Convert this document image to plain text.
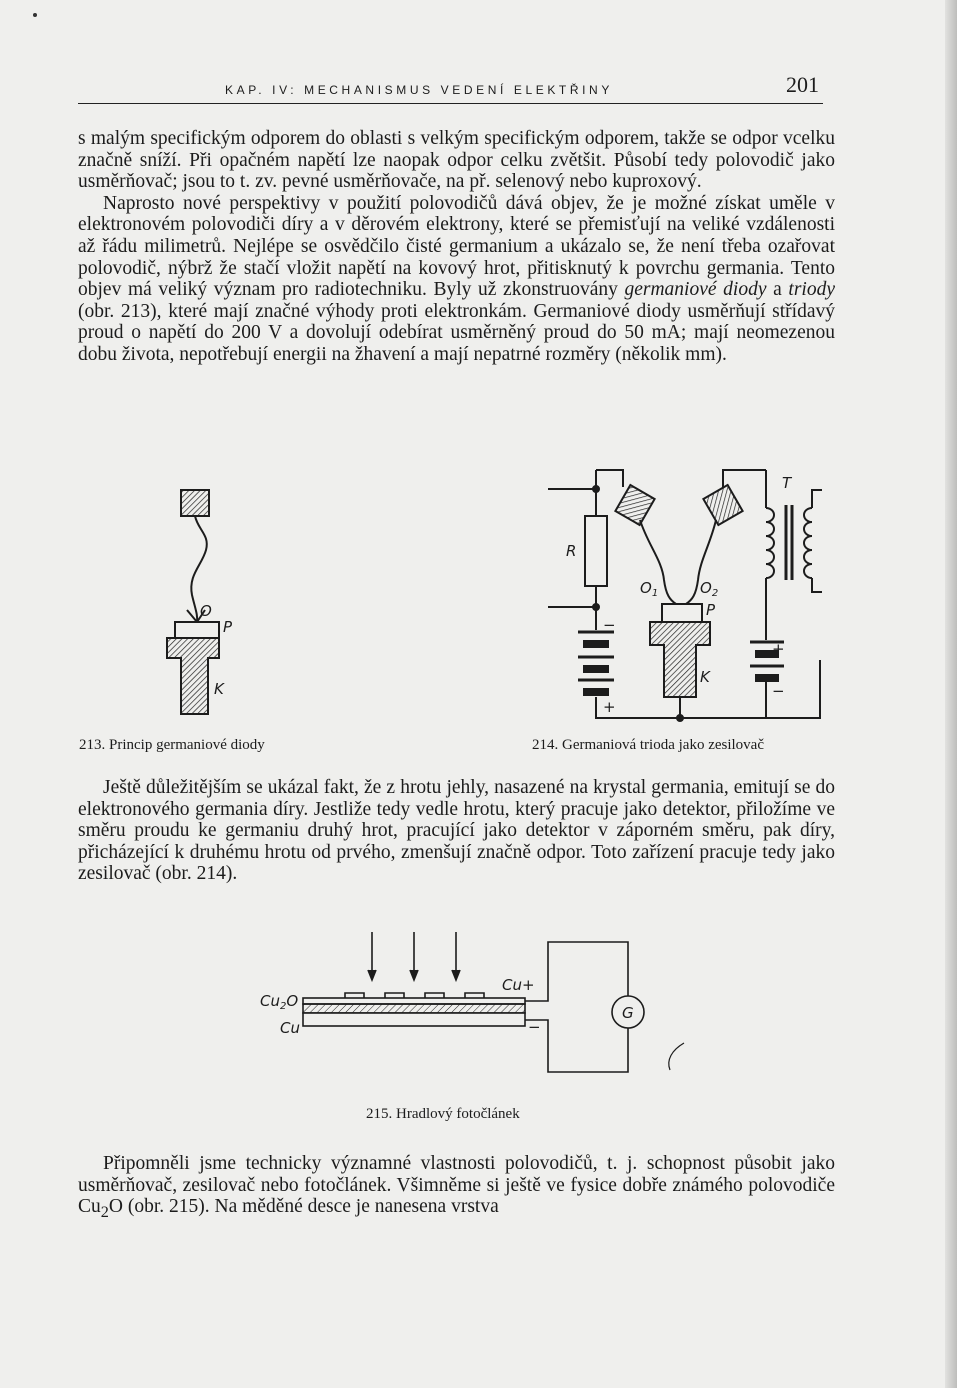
KAP. IV: MECHANISMUS VEDENÍ ELEKTŘINY	201

s malým specifickým odporem do oblasti s velkým specifickým odporem, takže se odpor vcelku značně sníží. Při opačném napětí lze naopak odpor celku zvětšit. Působí tedy polovodič jako usměrňovač; jsou to t. zv. pevné usměrňovače, na př. selenový nebo kuproxový.

Naprosto nové perspektivy v použití polovodičů dává objev, že je možné získat uměle v elektronovém polovodiči díry a v děrovém elektrony, které se přemisťují na veliké vzdálenosti až řádu milimetrů. Nejlépe se osvědčilo čisté germanium a ukázalo se, že není třeba ozařovat polovodič, nýbrž že stačí vložit napětí na kovový hrot, přitisknutý k povrchu germania. Tento objev má veliký význam pro radiotechniku. Byly už zkonstruovány germaniové diody a triody (obr. 213), které mají značné výhody proti elektronkám. Germaniové diody usměrňují střídavý proud o napětí do 200 V a dovolují odebírat usměrněný proud do 50 mA; mají neomezenou dobu života, nepotřebují energii na žhavení a mají nepatrné rozměry (několik mm).

O
P
K
R
T
$O_1$	$O_2$
P
K
−
+
+
−
$Cu_2O$
Cu
Cu+
−
G
213. Princip germaniové diody	214. Germaniová trioda jako zesilovač

Ještě důležitějším se ukázal fakt, že z hrotu jehly, nasazené na krystal germania, emitují se do elektronového germania díry. Jestliže tedy vedle hrotu, který pracuje jako detektor, přiložíme ve směru proudu ke germaniu druhý hrot, pracující jako detektor v záporném směru, pak díry, přicházející k druhému hrotu od prvého, zmenšují značně odpor. Toto zařízení pracuje tedy jako zesilovač (obr. 214).

215. Hradlový fotočlánek

Připomněli jsme technicky významné vlastnosti polovodičů, t. j. schopnost působit jako usměrňovač, zesilovač nebo fotočlánek. Všimněme si ještě ve fysice dobře známého polovodiče $Cu_2O$ (obr. 215). Na měděné desce je nanesena vrstva
